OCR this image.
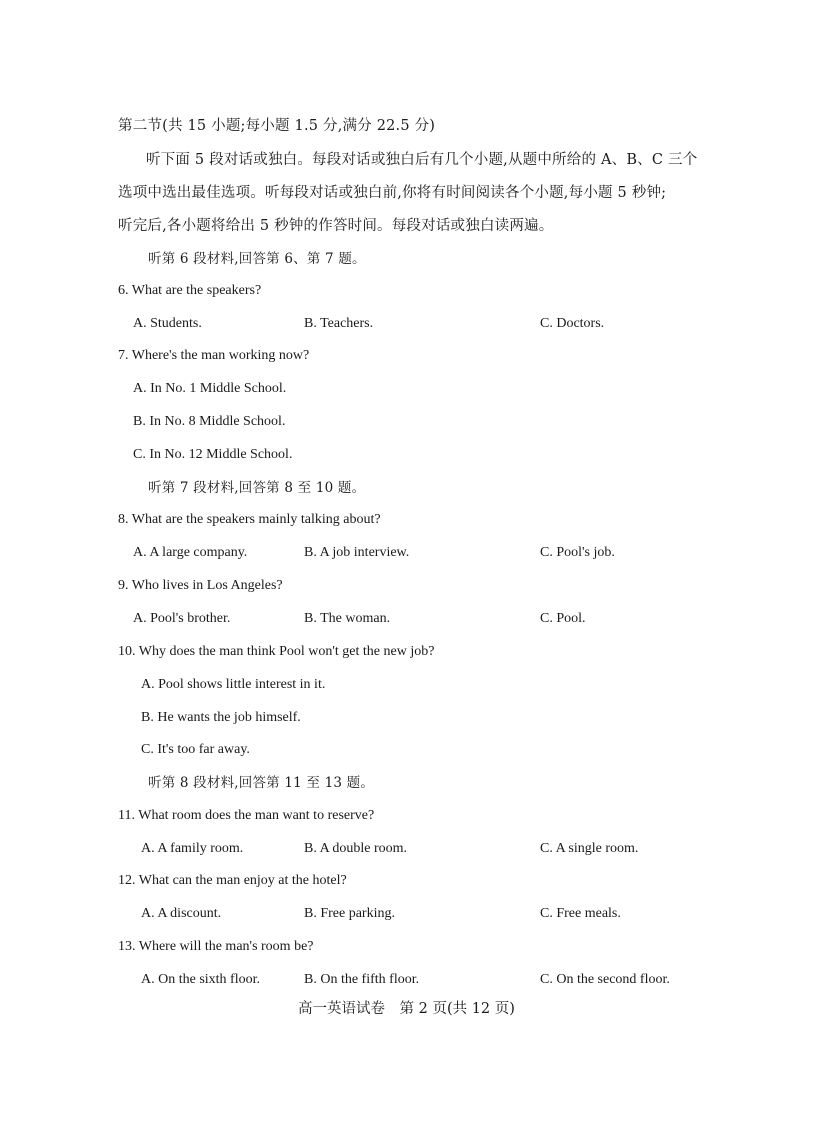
第二节(共 15 小题;每小题 1.5 分,满分 22.5 分)
听下面 5 段对话或独白。每段对话或独白后有几个小题,从题中所给的 A、B、C 三个
选项中选出最佳选项。听每段对话或独白前,你将有时间阅读各个小题,每小题 5 秒钟;
听完后,各小题将给出 5 秒钟的作答时间。每段对话或独白读两遍。
听第 6 段材料,回答第 6、第 7 题。
6. What are the speakers?
A. Students.	B. Teachers.	C. Doctors.
7. Where's the man working now?
A. In No. 1 Middle School.
B. In No. 8 Middle School.
C. In No. 12 Middle School.
听第 7 段材料,回答第 8 至 10 题。
8. What are the speakers mainly talking about?
A. A large company.	B. A job interview.	C. Pool's job.
9. Who lives in Los Angeles?
A. Pool's brother.	B. The woman.	C. Pool.
10. Why does the man think Pool won't get the new job?
A. Pool shows little interest in it.
B. He wants the job himself.
C. It's too far away.
听第 8 段材料,回答第 11 至 13 题。
11. What room does the man want to reserve?
A. A family room.	B. A double room.	C. A single room.
12. What can the man enjoy at the hotel?
A. A discount.	B. Free parking.	C. Free meals.
13. Where will the man's room be?
A. On the sixth floor.	B. On the fifth floor.	C. On the second floor.
高一英语试卷　第 2 页(共 12 页)
